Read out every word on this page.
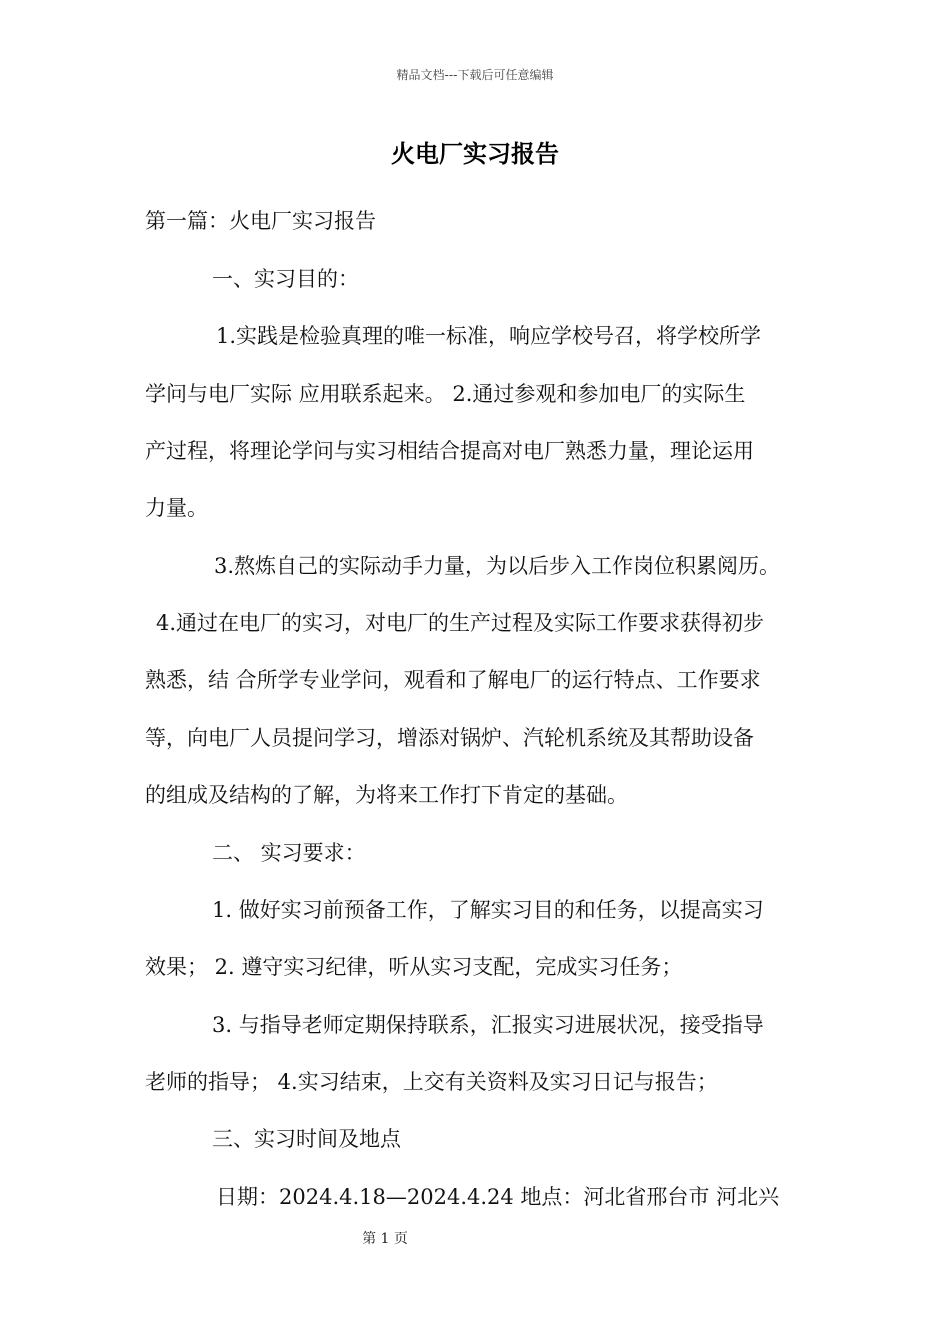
精品文档---下载后可任意编辑
火电厂实习报告
第一篇：火电厂实习报告
一、实习目的：
1.实践是检验真理的唯一标准，响应学校号召，将学校所学
学问与电厂实际 应用联系起来。 2.通过参观和参加电厂的实际生
产过程，将理论学问与实习相结合提高对电厂熟悉力量，理论运用
力量。
3.熬炼自己的实际动手力量，为以后步入工作岗位积累阅历。
4.通过在电厂的实习，对电厂的生产过程及实际工作要求获得初步
熟悉，结 合所学专业学问，观看和了解电厂的运行特点、工作要求
等，向电厂人员提问学习，增添对锅炉、汽轮机系统及其帮助设备
的组成及结构的了解，为将来工作打下肯定的基础。
二、 实习要求：
1. 做好实习前预备工作，了解实习目的和任务，以提高实习
效果； 2. 遵守实习纪律，听从实习支配，完成实习任务；
3. 与指导老师定期保持联系，汇报实习进展状况，接受指导
老师的指导； 4.实习结束，上交有关资料及实习日记与报告；
三、实习时间及地点
日期：2024.4.18—2024.4.24 地点：河北省邢台市 河北兴
第 1 页
